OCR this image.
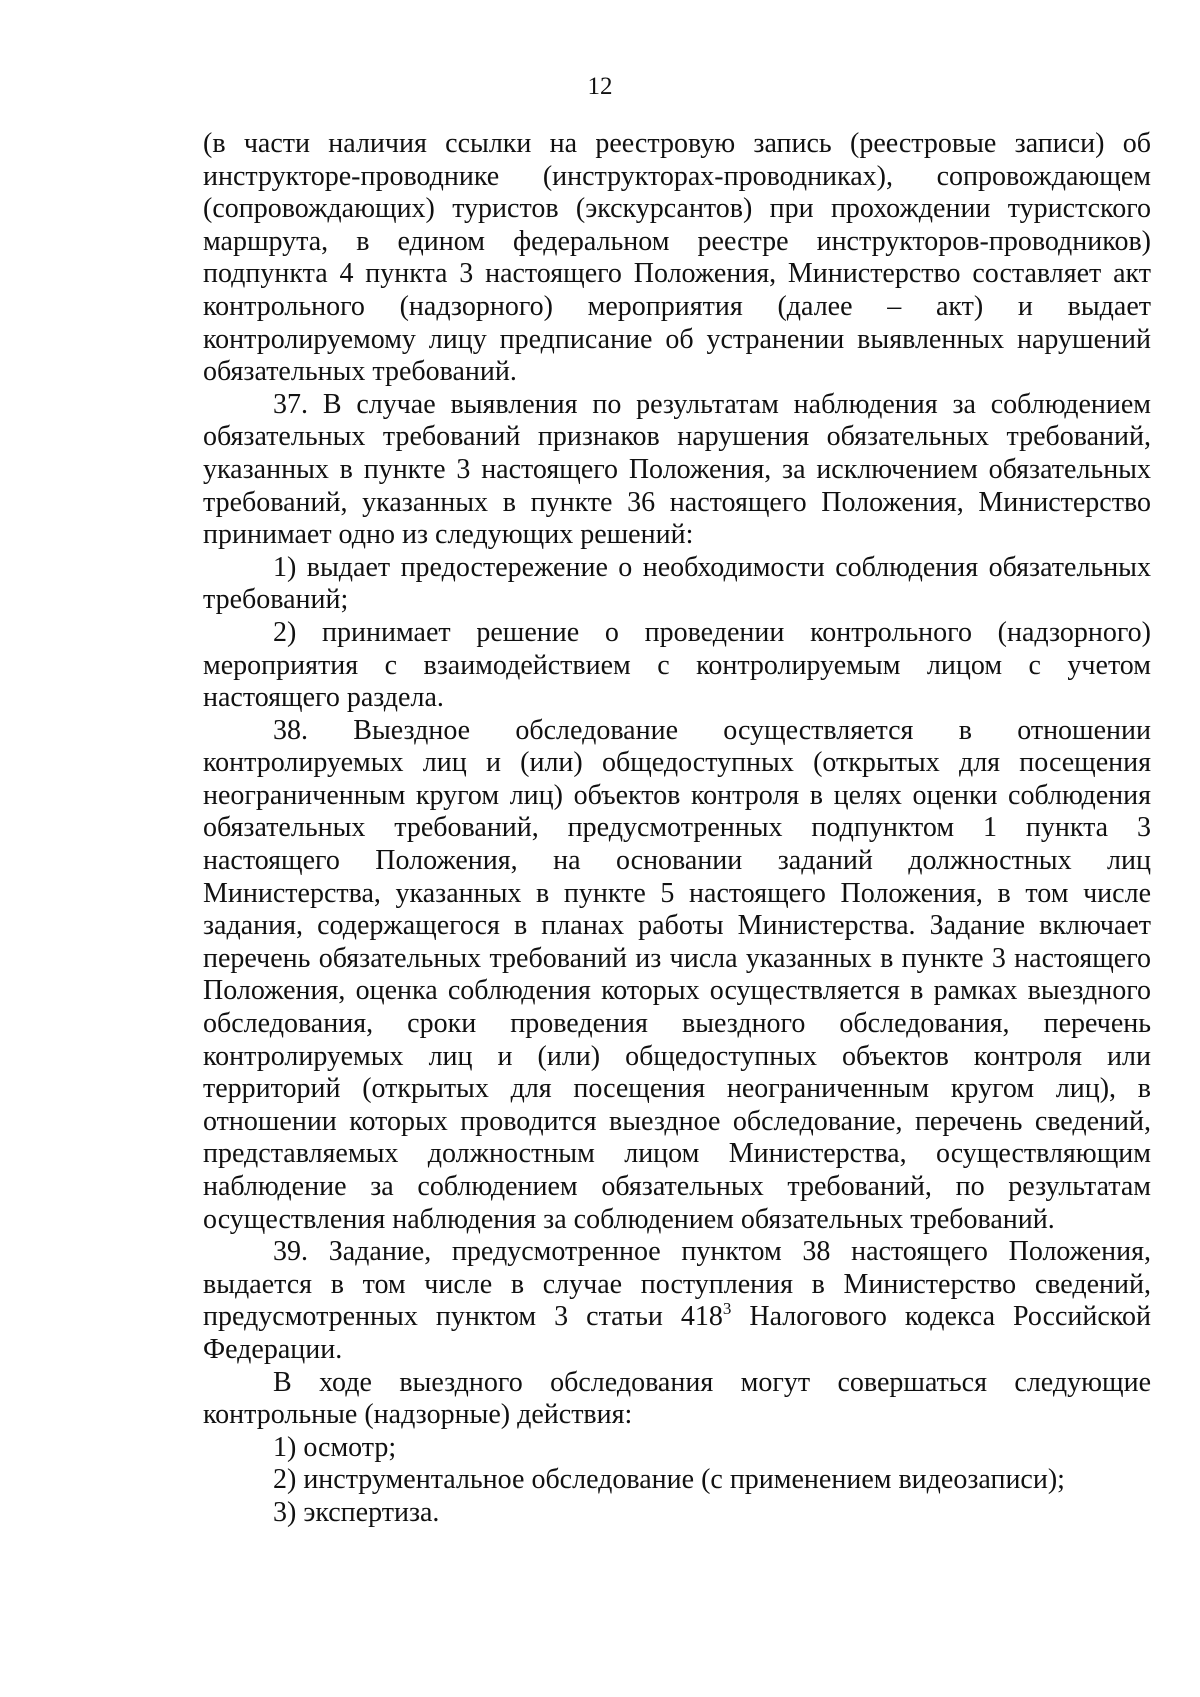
12

(в части наличия ссылки на реестровую запись (реестровые записи) об инструкторе-проводнике (инструкторах-проводниках), сопровождающем (сопровождающих) туристов (экскурсантов) при прохождении туристского маршрута, в едином федеральном реестре инструкторов-проводников) подпункта 4 пункта 3 настоящего Положения, Министерство составляет акт контрольного (надзорного) мероприятия (далее – акт) и выдает контролируемому лицу предписание об устранении выявленных нарушений обязательных требований.

37. В случае выявления по результатам наблюдения за соблюдением обязательных требований признаков нарушения обязательных требований, указанных в пункте 3 настоящего Положения, за исключением обязательных требований, указанных в пункте 36 настоящего Положения, Министерство принимает одно из следующих решений:

1) выдает предостережение о необходимости соблюдения обязательных требований;

2) принимает решение о проведении контрольного (надзорного) мероприятия с взаимодействием с контролируемым лицом с учетом настоящего раздела.

38. Выездное обследование осуществляется в отношении контролируемых лиц и (или) общедоступных (открытых для посещения неограниченным кругом лиц) объектов контроля в целях оценки соблюдения обязательных требований, предусмотренных подпунктом 1 пункта 3 настоящего Положения, на основании заданий должностных лиц Министерства, указанных в пункте 5 настоящего Положения, в том числе задания, содержащегося в планах работы Министерства. Задание включает перечень обязательных требований из числа указанных в пункте 3 настоящего Положения, оценка соблюдения которых осуществляется в рамках выездного обследования, сроки проведения выездного обследования, перечень контролируемых лиц и (или) общедоступных объектов контроля или территорий (открытых для посещения неограниченным кругом лиц), в отношении которых проводится выездное обследование, перечень сведений, представляемых должностным лицом Министерства, осуществляющим наблюдение за соблюдением обязательных требований, по результатам осуществления наблюдения за соблюдением обязательных требований.

39. Задание, предусмотренное пунктом 38 настоящего Положения, выдается в том числе в случае поступления в Министерство сведений, предусмотренных пунктом 3 статьи $418^3$ Налогового кодекса Российской Федерации.

В ходе выездного обследования могут совершаться следующие контрольные (надзорные) действия:

1) осмотр;

2) инструментальное обследование (с применением видеозаписи);

3) экспертиза.
